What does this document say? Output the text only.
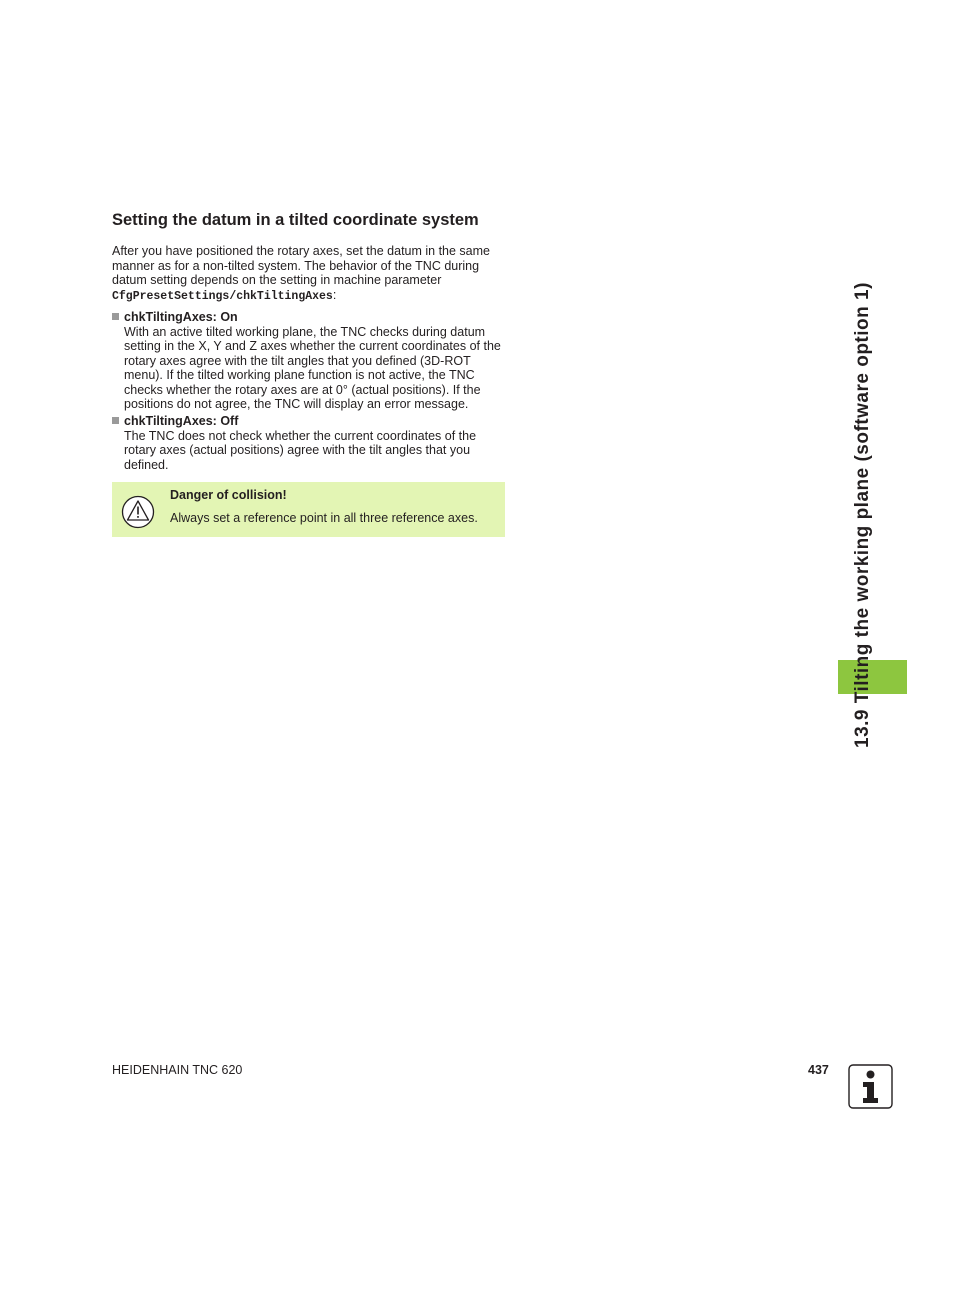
Setting the datum in a tilted coordinate system

After you have positioned the rotary axes, set the datum in the same
manner as for a non-tilted system. The behavior of the TNC during
datum setting depends on the setting in machine parameter
CfgPresetSettings/chkTiltingAxes:

chkTiltingAxes: On
With an active tilted working plane, the TNC checks during datum
setting in the X, Y and Z axes whether the current coordinates of the
rotary axes agree with the tilt angles that you defined (3D-ROT
menu). If the tilted working plane function is not active, the TNC
checks whether the rotary axes are at 0° (actual positions). If the
positions do not agree, the TNC will display an error message.
chkTiltingAxes: Off
The TNC does not check whether the current coordinates of the
rotary axes (actual positions) agree with the tilt angles that you
defined.
Danger of collision!
Always set a reference point in all three reference axes.	13.9 Tilting the working plane (software option 1)
HEIDENHAIN TNC 620	437
